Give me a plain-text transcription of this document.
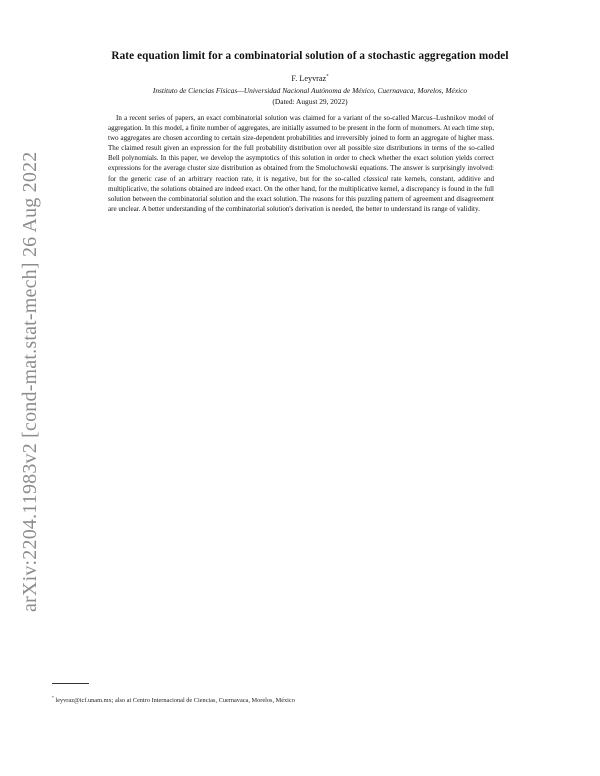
arXiv:2204.11983v2 [cond-mat.stat-mech] 26 Aug 2022
Rate equation limit for a combinatorial solution of a stochastic aggregation model
F. Leyvraz*
Instituto de Ciencias Físicas—Universidad Nacional Autónoma de México, Cuernavaca, Morelos, México
(Dated: August 29, 2022)

In a recent series of papers, an exact combinatorial solution was claimed for a variant of the so-called Marcus–Lushnikov model of aggregation. In this model, a finite number of aggregates, are initially assumed to be present in the form of monomers. At each time step, two aggregates are chosen according to certain size-dependent probabilities and irreversibly joined to form an aggregate of higher mass. The claimed result given an expression for the full probability distribution over all possible size distributions in terms of the so-called Bell polynomials. In this paper, we develop the asymptotics of this solution in order to check whether the exact solution yields correct expressions for the average cluster size distribution as obtained from the Smoluchowski equations. The answer is surprisingly involved: for the generic case of an arbitrary reaction rate, it is negative, but for the so-called classical rate kernels, constant, additive and multiplicative, the solutions obtained are indeed exact. On the other hand, for the multiplicative kernel, a discrepancy is found in the full solution between the combinatorial solution and the exact solution. The reasons for this puzzling pattern of agreement and disagreement are unclear. A better understanding of the combinatorial solution's derivation is needed, the better to understand its range of validity.

* leyvraz@icf.unam.mx; also at Centro Internacional de Ciencias, Cuernavaca, Morelos, México
